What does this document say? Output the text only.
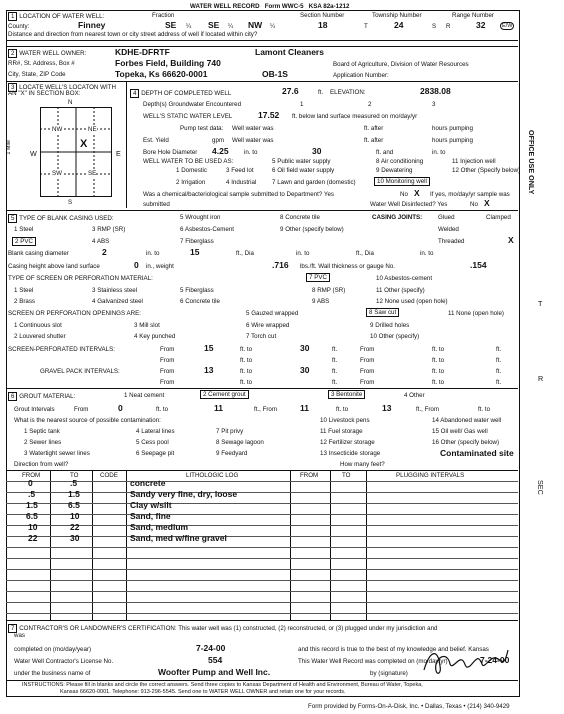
WATER WELL RECORD Form WWC-5 KSA 82a-1212
1 LOCATION OF WATER WELL:	Fraction	Section Number	Township Number	Range Number
County:	Finney	SE ¼ SE ¼ NW ¼	18	T	24	S R	32	E/W
Distance and direction from nearest town or city street address of well if located within city?
2 WATER WELL OWNER:	KDHE-DFRTF	Lamont Cleaners
RR#, St. Address, Box #	Forbes Field, Building 740
City, State, ZIP Code	Topeka, Ks 66620-0001	OB-1S
Board of Agriculture, Division of Water Resources
Application Number:
3 LOCATE WELL'S LOCATON WITH
AN "X" IN SECTION BOX:
N
S
W	E
1 Mile
NW	NE
SW	SE
X
4 DEPTH OF COMPLETED WELL	27.6	ft. ELEVATION:	2838.08
Depth(s) Groundwater Encountered	1	2	3
WELL'S STATIC WATER LEVEL	17.52 ft. below land surface measured on mo/day/yr
Pump test data: Well water was	ft. after	hours pumping
Est. Yield	gpm Well water was	ft. after	hours pumping
Bore Hole Diameter 4.25 in. to	30	ft. and	in. to
WELL WATER TO BE USED AS:	5 Public water supply	8 Air conditioning	11 Injection well
1 Domestic	3 Feed lot	6 Oil field water supply	9 Dewatering	12 Other (Specify below)
2 Irrigation	4 Industrial	7 Lawn and garden (domestic)	10 Monitoring well
Was a chemical/bacteriological sample submitted to Department? Yes	No X If yes, mo/day/yr sample was
submitted	Water Well Disinfected? Yes	No X
5 TYPE OF BLANK CASING USED:	5 Wrought iron	8 Concrete tile	CASING JOINTS:	Glued	Clamped
1 Steel	3 RMP (SR)	6 Asbestos-Cement	9 Other (specify below)	Welded
2 PVC	4 ABS	7 Fiberglass	Threaded	X
Blank casing diameter	2	in. to	15	ft., Dia	in. to	ft., Dia	in. to
Casing height above land surface	0 in., weight	.716 lbs./ft. Wall thickness or gauge No.	.154
TYPE OF SCREEN OR PERFORATION MATERIAL:	7 PVC	10 Asbestos-cement
1 Steel	3 Stainless steel	5 Fiberglass	8 RMP (SR)	11 Other (specify)
2 Brass	4 Galvanized steel	6 Concrete tile	9 ABS	12 None used (open hole)
SCREEN OR PERFORATION OPENINGS ARE:	5 Gauzed wrapped	8 Saw cut	11 None (open hole)
1 Continuous slot	3 Mill slot	6 Wire wrapped	9 Drilled holes
2 Louvered shutter	4 Key punched	7 Torch cut	10 Other (specify)
SCREEN-PERFORATED INTERVALS:	From	15	ft. to	30	ft.	From	ft. to	ft.
From	ft. to	ft.	From	ft. to	ft.
GRAVEL PACK INTERVALS:	From	13	ft. to	30	ft.	From	ft. to	ft.
From	ft. to	ft.	From	ft. to	ft.
6 GROUT MATERIAL:	1 Neat cement	2 Cement grout	3 Bentonite	4 Other
Grout Intervals	From	0	ft. to	11	ft., From	11	ft. to	13	ft., From	ft. to
What is the nearest source of possible contamination:	10 Livestock pens	14 Abandoned water well
1 Septic tank	4 Lateral lines	7 Pit privy	11 Fuel storage	15 Oil well/ Gas well
2 Sewer lines	5 Cess pool	8 Sewage lagoon	12 Fertilizer storage	16 Other (specify below)
3 Watertight sewer lines	6 Seepage pit	9 Feedyard	13 Insecticide storage	Contaminated site
Direction from well?	How many feet?
FROM	TO	CODE	LITHOLOGIC LOG	FROM	TO	PLUGGING INTERVALS
0	.5	concrete
.5	1.5	Sandy very fine, dry, loose
1.5	6.5	Clay w/silt
6.5	10	Sand, fine
10	22	Sand, medium
22	30	Sand, med w/fine gravel
7 CONTRACTOR'S OR LANDOWNER'S CERTIFICATION: This water well was (1) constructed, (2) reconstructed, or (3) plugged under my jurisdiction and
was
completed on (mo/day/year)	7-24-00	and this record is true to the best of my knowledge and belief. Kansas
Water Well Contractor's License No.	554	This Water Well Record was completed on (mo/day/yr)	7-24-00
under the business name of	Woofter Pump and Well Inc.	by (signature)
INSTRUCTIONS: Please fill in blanks and circle the correct answers. Send three copies to Kansas Department of Health and Environment, Bureau of Water, Topeka,
Kansas 66620-0001. Telephone: 913-296-5545. Send one to WATER WELL OWNER and retain one for your records.
Form provided by Forms-On-A-Disk, Inc. • Dallas, Texas • (214) 340-9429
OFFICE USE ONLY
T
R
SEC
